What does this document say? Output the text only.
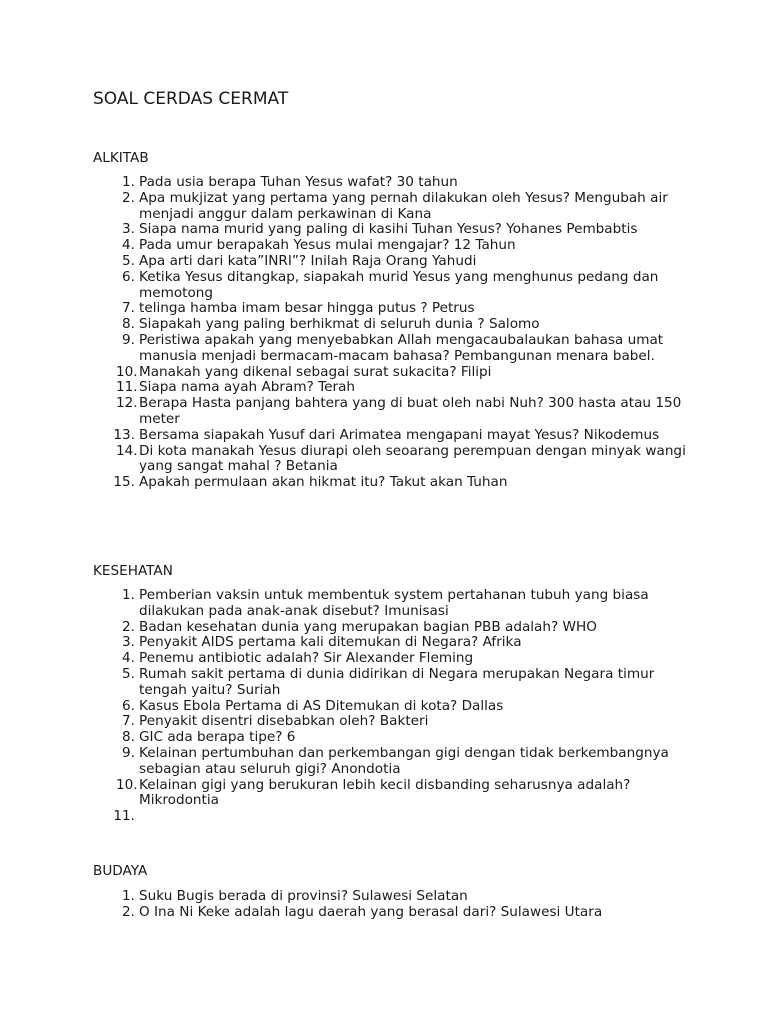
SOAL CERDAS CERMAT
ALKITAB
1. Pada usia berapa Tuhan Yesus wafat? 30 tahun
2. Apa mukjizat yang pertama yang pernah dilakukan oleh Yesus? Mengubah air menjadi anggur dalam perkawinan di Kana
3. Siapa nama murid yang paling di kasihi Tuhan Yesus? Yohanes Pembabtis
4. Pada umur berapakah Yesus mulai mengajar? 12 Tahun
5. Apa arti dari kata”INRI”? Inilah Raja Orang Yahudi
6. Ketika Yesus ditangkap, siapakah murid Yesus yang menghunus pedang dan memotong
7. telinga hamba imam besar hingga putus ? Petrus
8. Siapakah yang paling berhikmat di seluruh dunia ? Salomo
9. Peristiwa apakah yang menyebabkan Allah mengacaubalaukan bahasa umat manusia menjadi bermacam-macam bahasa? Pembangunan menara babel.
10. Manakah yang dikenal sebagai surat sukacita? Filipi
11. Siapa nama ayah Abram? Terah
12. Berapa Hasta panjang bahtera yang di buat oleh nabi Nuh? 300 hasta atau 150 meter
13. Bersama siapakah Yusuf dari Arimatea mengapani mayat Yesus? Nikodemus
14. Di kota manakah Yesus diurapi oleh seoarang perempuan dengan minyak wangi yang sangat mahal ? Betania
15. Apakah permulaan akan hikmat itu? Takut akan Tuhan
KESEHATAN
1. Pemberian vaksin untuk membentuk system pertahanan tubuh yang biasa dilakukan pada anak-anak disebut? Imunisasi
2. Badan kesehatan dunia yang merupakan bagian PBB adalah? WHO
3. Penyakit AIDS pertama kali ditemukan di Negara? Afrika
4. Penemu antibiotic adalah? Sir Alexander Fleming
5. Rumah sakit pertama di dunia didirikan di Negara merupakan Negara timur tengah yaitu? Suriah
6. Kasus Ebola Pertama di AS Ditemukan di kota? Dallas
7. Penyakit disentri disebabkan oleh? Bakteri
8. GIC ada berapa tipe? 6
9. Kelainan pertumbuhan dan perkembangan gigi dengan tidak berkembangnya sebagian atau seluruh gigi? Anondotia
10. Kelainan gigi yang berukuran lebih kecil disbanding seharusnya adalah? Mikrodontia
11.
BUDAYA
1. Suku Bugis berada di provinsi? Sulawesi Selatan
2. O Ina Ni Keke adalah lagu daerah yang berasal dari? Sulawesi Utara
